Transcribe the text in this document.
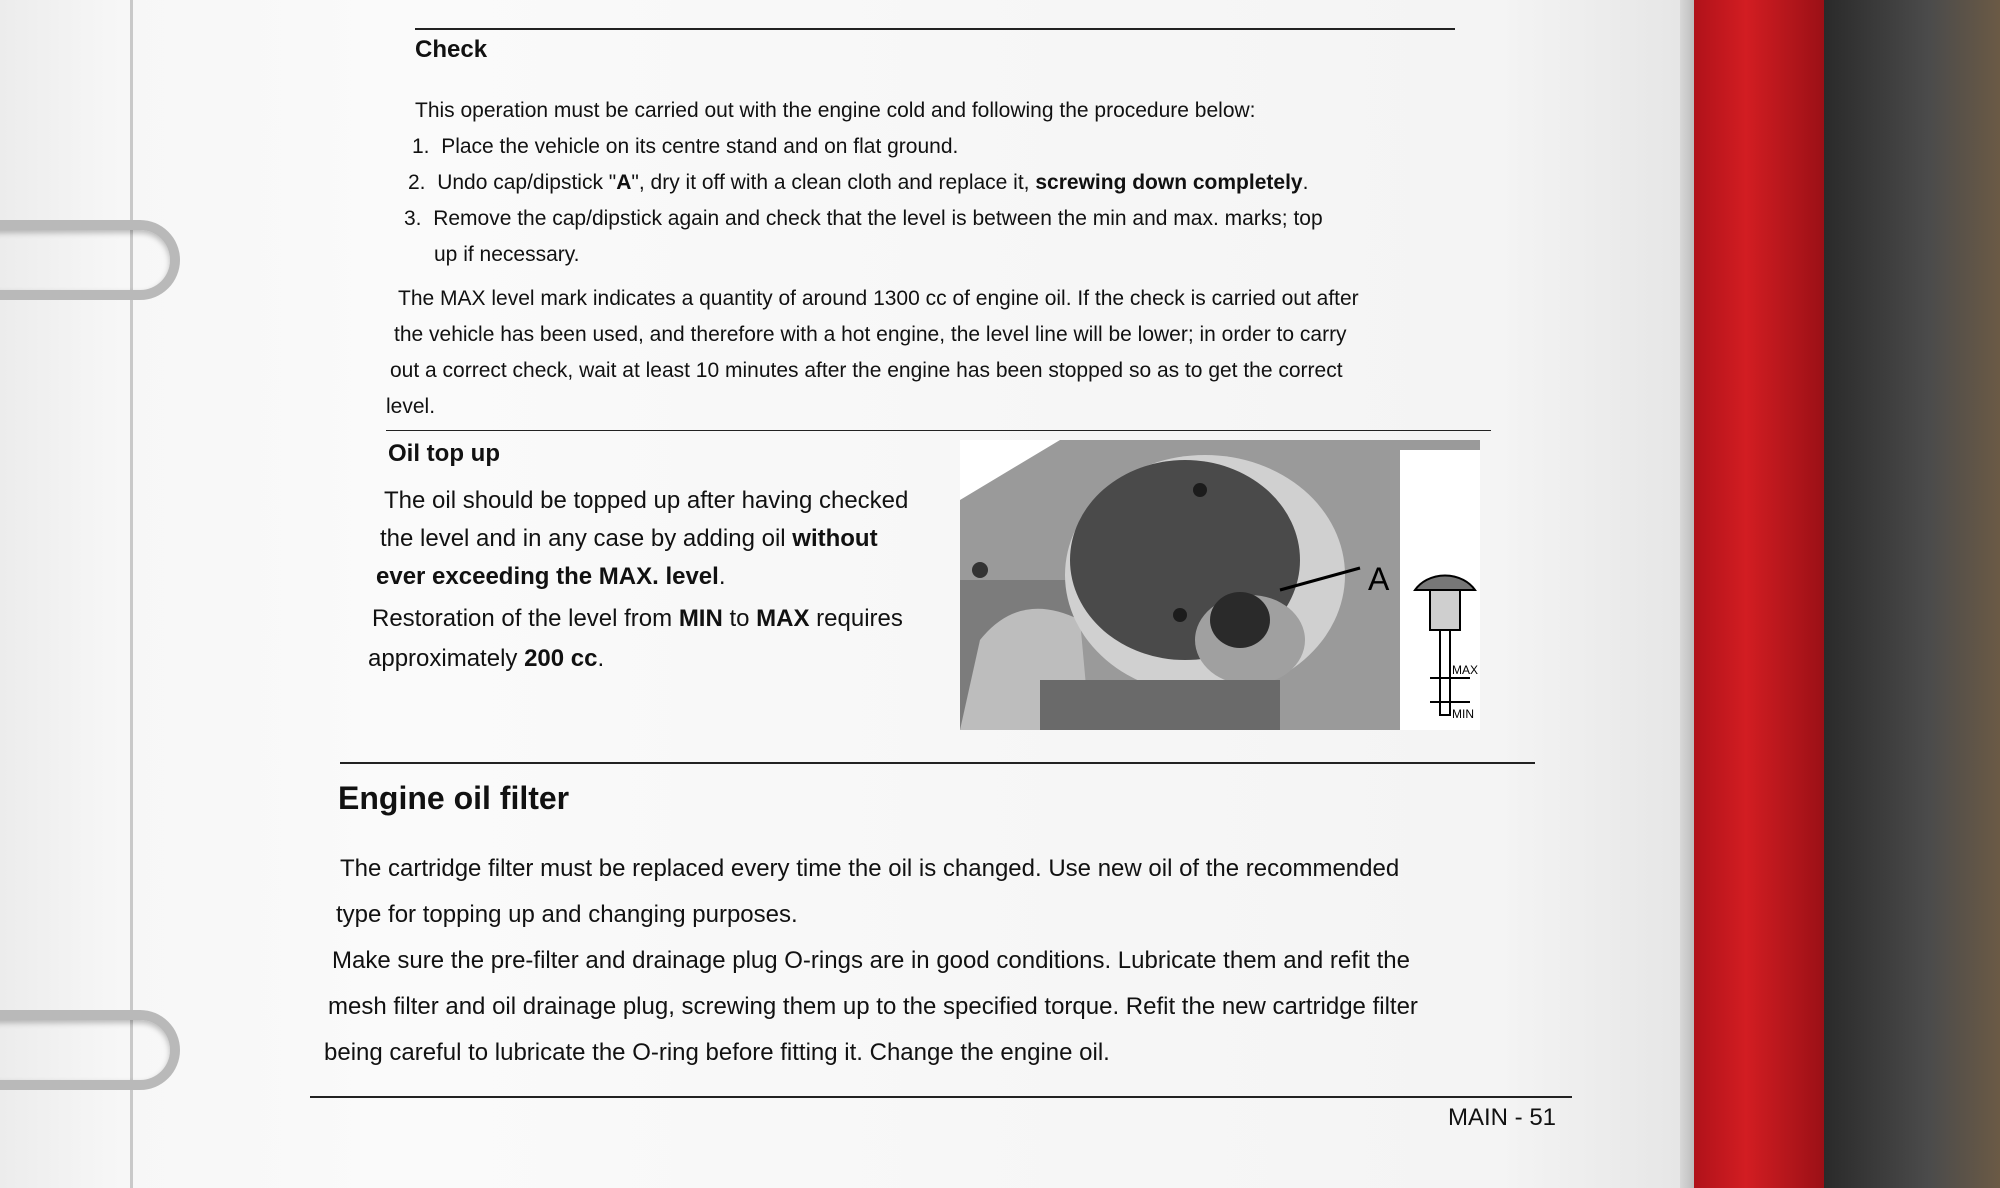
Check
This operation must be carried out with the engine cold and following the procedure below:
1. Place the vehicle on its centre stand and on flat ground.
2. Undo cap/dipstick "A", dry it off with a clean cloth and replace it, screwing down completely.
3. Remove the cap/dipstick again and check that the level is between the min and max. marks; top
up if necessary.
The MAX level mark indicates a quantity of around 1300 cc of engine oil. If the check is carried out after
the vehicle has been used, and therefore with a hot engine, the level line will be lower; in order to carry
out a correct check, wait at least 10 minutes after the engine has been stopped so as to get the correct
level.
Oil top up
The oil should be topped up after having checked
the level and in any case by adding oil without
ever exceeding the MAX. level.
Restoration of the level from MIN to MAX requires
approximately 200 cc.
A
MAX
MIN
Engine oil filter
The cartridge filter must be replaced every time the oil is changed. Use new oil of the recommended
type for topping up and changing purposes.
Make sure the pre-filter and drainage plug O-rings are in good conditions. Lubricate them and refit the
mesh filter and oil drainage plug, screwing them up to the specified torque. Refit the new cartridge filter
being careful to lubricate the O-ring before fitting it. Change the engine oil.
MAIN - 51
